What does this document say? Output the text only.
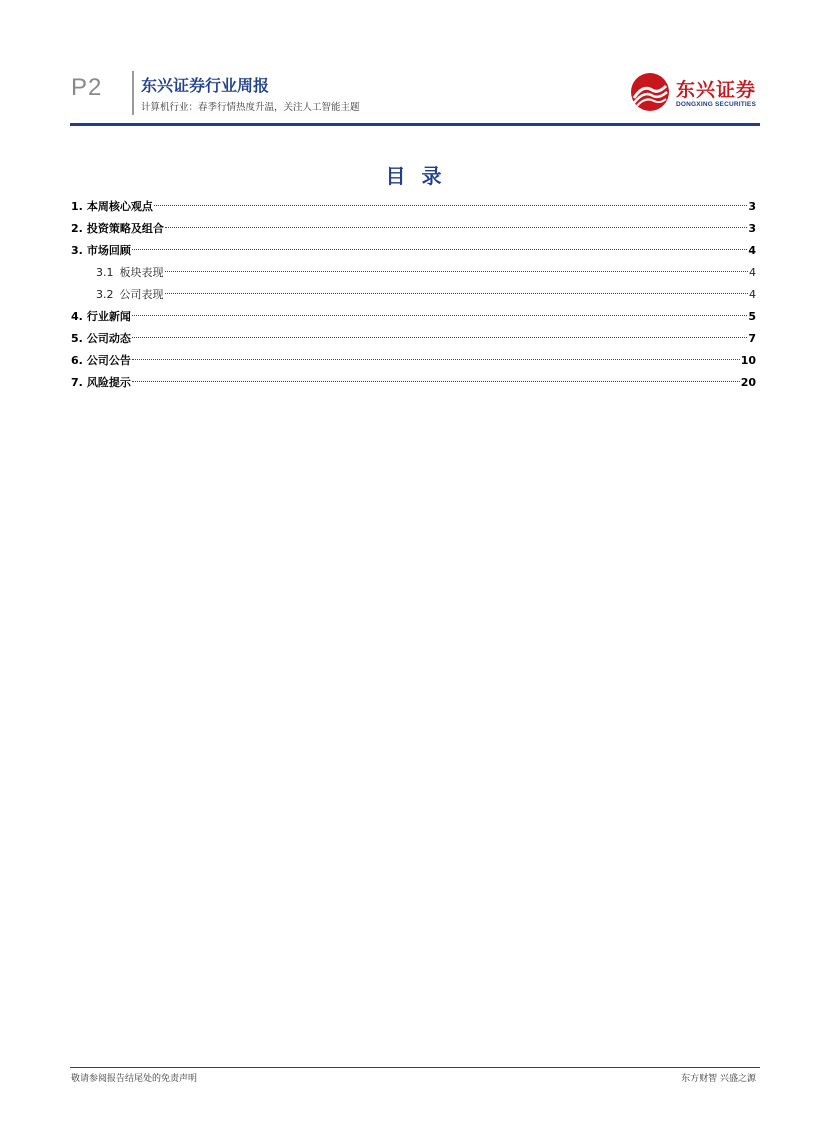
P2 东兴证券行业周报
计算机行业：春季行情热度升温，关注人工智能主题
东兴证券
DONGXING SECURITIES
目录
1. 本周核心观点	3
2. 投资策略及组合	3
3. 市场回顾	4
3.1 板块表现	4
3.2 公司表现	4
4. 行业新闻	5
5. 公司动态	7
6. 公司公告	10
7. 风险提示	20
敬请参阅报告结尾处的免责声明	东方财智 兴盛之源
